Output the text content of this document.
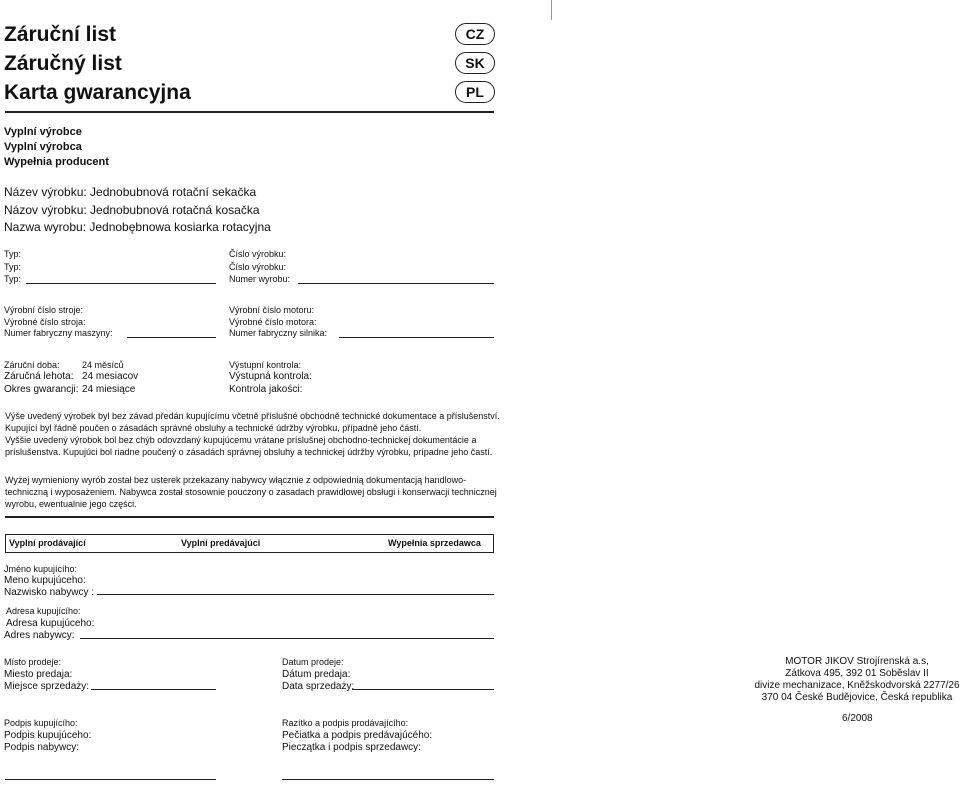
Záruční list
Záručný list
Karta gwarancyjna
CZ
SK
PL
Vyplní výrobce
Vyplní výrobca
Wypełnia producent
Název výrobku: Jednobubnová rotační sekačka
Názov výrobku: Jednobubnová rotačná kosačka
Nazwa wyrobu: Jednobębnowa kosiarka rotacyjna
Typ:
Typ:
Typ:
Číslo výrobku:
Číslo výrobku:
Numer wyrobu:
Výrobní číslo stroje:
Výrobné číslo stroja:
Numer fabryczny maszyny:
Výrobní číslo motoru:
Výrobné číslo motora:
Numer fabryczny silnika:
Záruční doba: 24 měsíců
Záručná lehota: 24 mesiacov
Okres gwarancji: 24 miesiące
Výstupní kontrola:
Výstupná kontrola:
Kontrola jakości:
Výše uvedený výrobek byl bez závad předán kupujícímu včetně příslušné obchodně technické dokumentace a příslušenství. Kupující byl řádně poučen o zásadách správné obsluhy a technické údržby výrobku, případně jeho částí.
Vyššie uvedený výrobok bol bez chýb odovzdaný kupujúcemu vrátane príslušnej obchodno-technickej dokumentácie a príslušenstva. Kupujúci bol riadne poučený o zásadách správnej obsluhy a technickej údržby výrobku, prípadne jeho častí.
Wyżej wymieniony wyrób został bez usterek przekazany nabywcy włącznie z odpowiednią dokumentacją handlowo-techniczną i wyposażeniem. Nabywca został stosownie pouczony o zasadach prawidłowej obsługi i konserwacji technicznej wyrobu, ewentualnie jego części.
Vyplní prodávající	Vyplní predávajúci	Wypełnia sprzedawca
Jméno kupujícího:
Meno kupujúceho:
Nazwisko nabywcy :
Adresa kupujícího:
Adresa kupujúceho:
Adres nabywcy:
Místo prodeje:
Miesto predaja:
Miejsce sprzedaży:
Datum prodeje:
Dátum predaja:
Data sprzedaży:
MOTOR JIKOV Strojírenská a.s,
Zátkova 495, 392 01 Soběslav II
divize mechanizace, Kněžskodvorská 2277/26
370 04 České Budějovice, Česká republika
6/2008
Podpis kupujícího:
Podpis kupujúceho:
Podpis nabywcy:
Razítko a podpis prodávajícího:
Pečiatka a podpis predávajúcého:
Pieczątka i podpis sprzedawcy:
